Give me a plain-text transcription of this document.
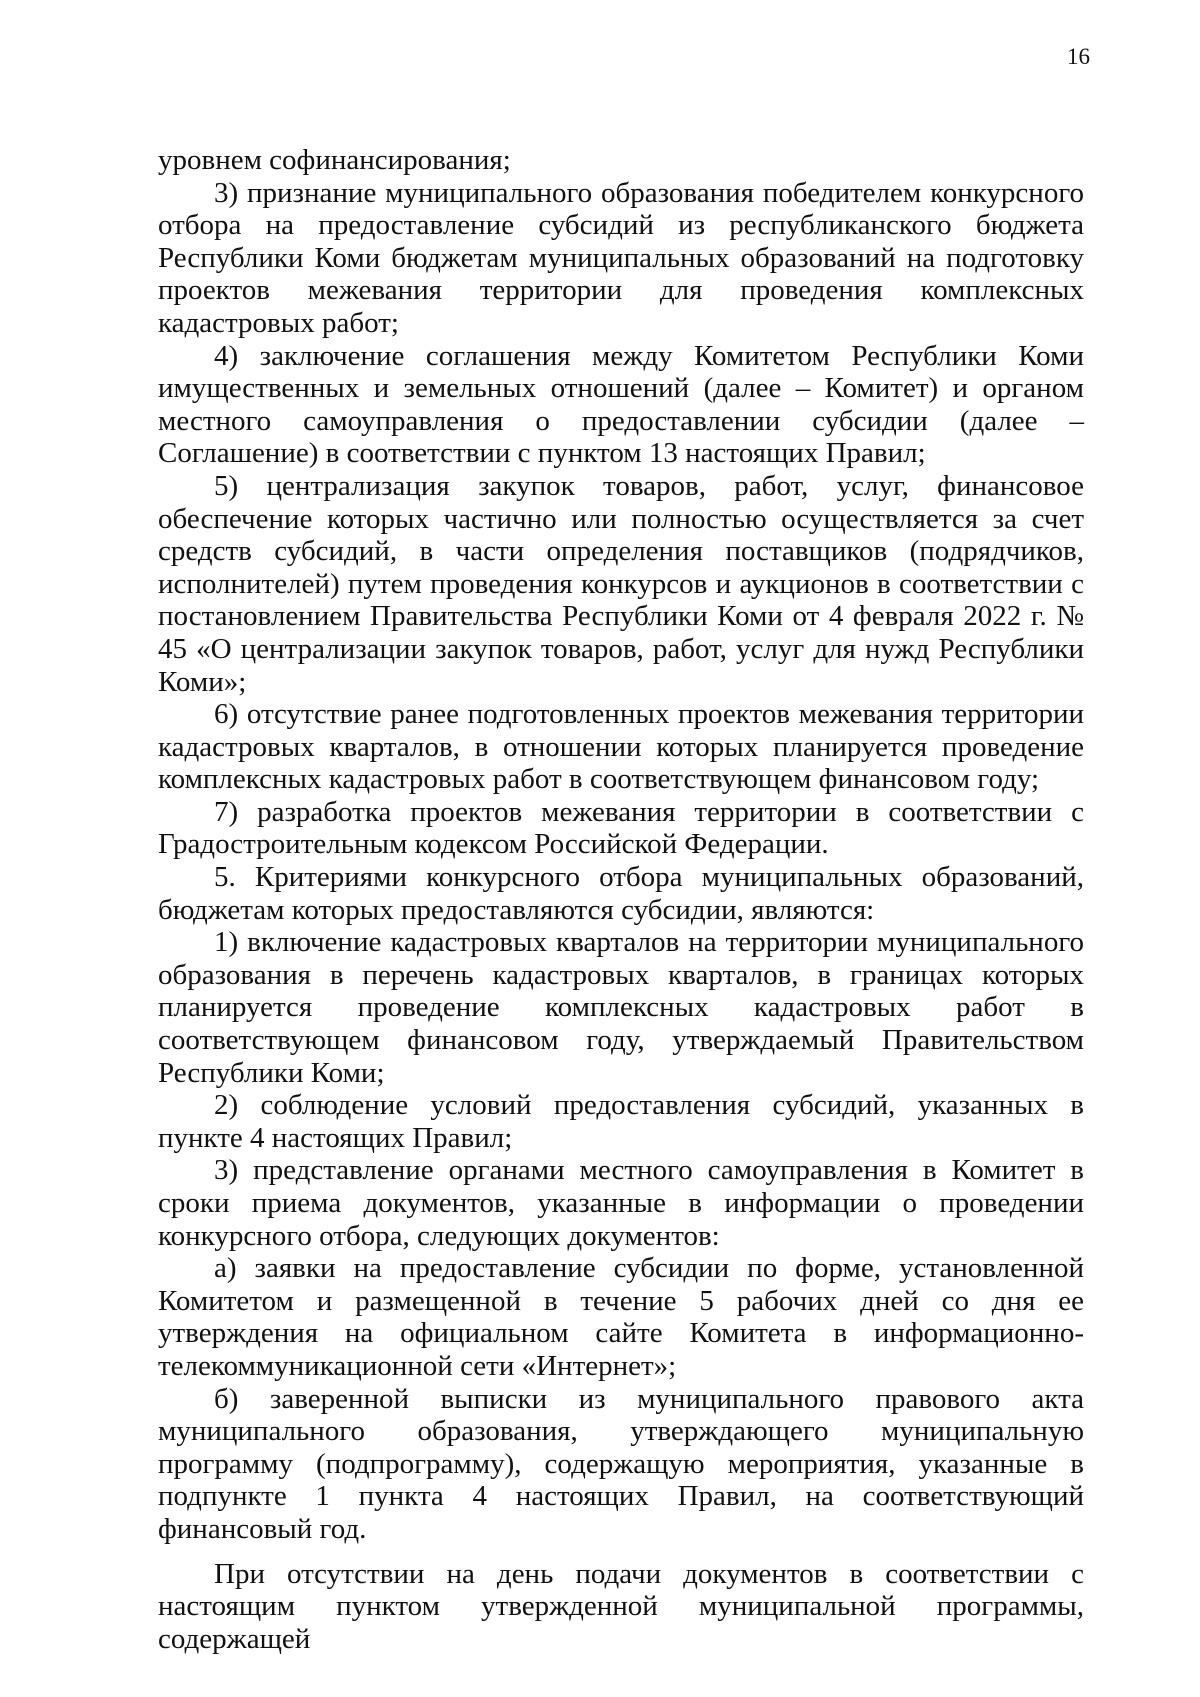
16

уровнем софинансирования;

3) признание муниципального образования победителем конкурсного отбора на предоставление субсидий из республиканского бюджета Республики Коми бюджетам муниципальных образований на подготовку проектов межевания территории для проведения комплексных кадастровых работ;

4) заключение соглашения между Комитетом Республики Коми имущественных и земельных отношений (далее – Комитет) и органом местного самоуправления о предоставлении субсидии (далее – Соглашение) в соответствии с пунктом 13 настоящих Правил;

5) централизация закупок товаров, работ, услуг, финансовое обеспечение которых частично или полностью осуществляется за счет средств субсидий, в части определения поставщиков (подрядчиков, исполнителей) путем проведения конкурсов и аукционов в соответствии с постановлением Правительства Республики Коми от 4 февраля 2022 г. № 45 «О централизации закупок товаров, работ, услуг для нужд Республики Коми»;

6) отсутствие ранее подготовленных проектов межевания территории кадастровых кварталов, в отношении которых планируется проведение комплексных кадастровых работ в соответствующем финансовом году;

7) разработка проектов межевания территории в соответствии с Градостроительным кодексом Российской Федерации.

5. Критериями конкурсного отбора муниципальных образований, бюджетам которых предоставляются субсидии, являются:

1) включение кадастровых кварталов на территории муниципального образования в перечень кадастровых кварталов, в границах которых планируется проведение комплексных кадастровых работ в соответствующем финансовом году, утверждаемый Правительством Республики Коми;

2) соблюдение условий предоставления субсидий, указанных в пункте 4 настоящих Правил;

3) представление органами местного самоуправления в Комитет в сроки приема документов, указанные в информации о проведении конкурсного отбора, следующих документов:

а) заявки на предоставление субсидии по форме, установленной Комитетом и размещенной в течение 5 рабочих дней со дня ее утверждения на официальном сайте Комитета в информационно-телекоммуникационной сети «Интернет»;

б) заверенной выписки из муниципального правового акта муниципального образования, утверждающего муниципальную программу (подпрограмму), содержащую мероприятия, указанные в подпункте 1 пункта 4 настоящих Правил, на соответствующий финансовый год.

При отсутствии на день подачи документов в соответствии с настоящим пунктом утвержденной муниципальной программы, содержащей
